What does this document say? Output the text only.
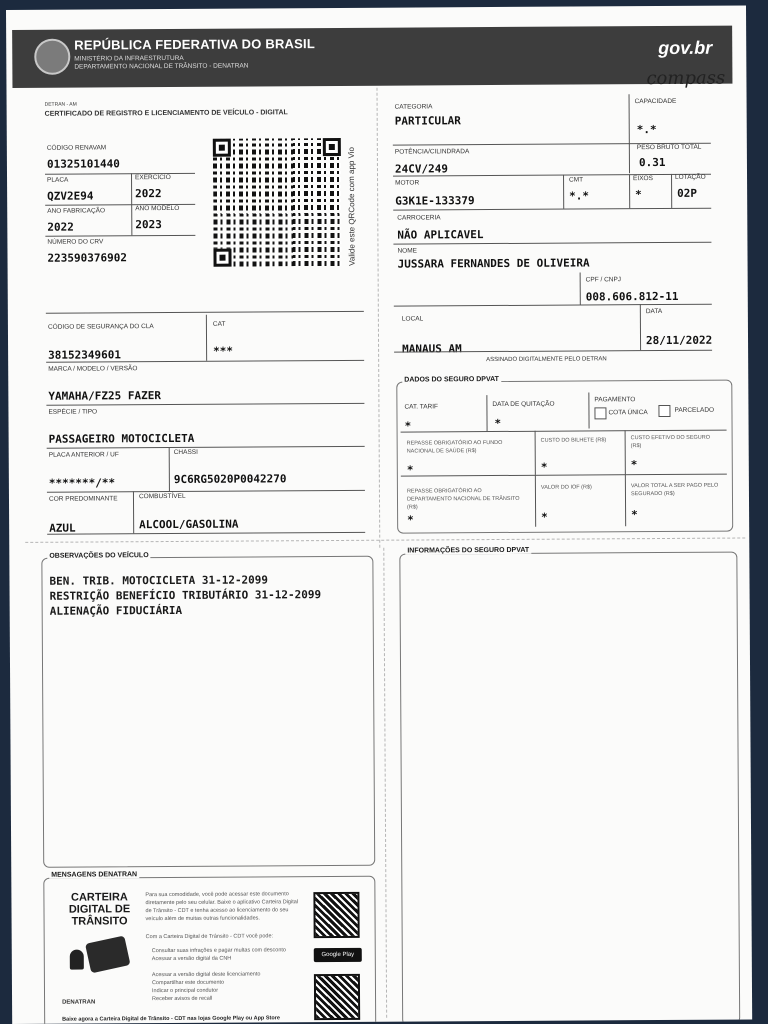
REPÚBLICA FEDERATIVA DO BRASIL
MINISTÉRIO DA INFRAESTRUTURA
DEPARTAMENTO NACIONAL DE TRÂNSITO - DENATRAN
gov.br
compass
DETRAN - AM
CERTIFICADO DE REGISTRO E LICENCIAMENTO DE VEÍCULO - DIGITAL
CÓDIGO RENAVAM
01325101440
PLACA	EXERCÍCIO
QZV2E94	2022
ANO FABRICAÇÃO	ANO MODELO
2022	2023
NÚMERO DO CRV
223590376902	Valide este QRCode com app Vio
CÓDIGO DE SEGURANÇA DO CLA	CAT
38152349601	***
MARCA / MODELO / VERSÃO
YAMAHA/FZ25 FAZER
ESPÉCIE / TIPO
PASSAGEIRO MOTOCICLETA
PLACA ANTERIOR / UF	CHASSI
*******/**	9C6RG5020P0042270
COR PREDOMINANTE	COMBUSTÍVEL
AZUL	ALCOOL/GASOLINA
CATEGORIA
PARTICULAR
CAPACIDADE
*.*
POTÊNCIA/CILINDRADA
24CV/249
PESO BRUTO TOTAL
0.31
MOTOR
G3K1E-133379
CMT
*.*
EIXOS
*
LOTAÇÃO
02P
CARROCERIA
NÃO APLICAVEL
NOME
JUSSARA FERNANDES DE OLIVEIRA
CPF / CNPJ
008.606.812-11
LOCAL
MANAUS AM
DATA
28/11/2022
ASSINADO DIGITALMENTE PELO DETRAN
DADOS DO SEGURO DPVAT
CAT. TARIF
*
DATA DE QUITAÇÃO
*
PAGAMENTO
COTA ÚNICA	PARCELADO
REPASSE OBRIGATÓRIO AO FUNDO NACIONAL DE SAÚDE (R$)
*
CUSTO DO BILHETE (R$)
*
CUSTO EFETIVO DO SEGURO (R$)
*
REPASSE OBRIGATÓRIO AO DEPARTAMENTO NACIONAL DE TRÂNSITO (R$)
*
VALOR DO IOF (R$)
*
VALOR TOTAL A SER PAGO PELO SEGURADO (R$)
*
OBSERVAÇÕES DO VEÍCULO
BEN. TRIB. MOTOCICLETA 31-12-2099
RESTRIÇÃO BENEFÍCIO TRIBUTÁRIO 31-12-2099
ALIENAÇÃO FIDUCIÁRIA
INFORMAÇÕES DO SEGURO DPVAT
MENSAGENS DENATRAN
CARTEIRA
DIGITAL DE
TRÂNSITO
DENATRAN
Para sua comodidade, você pode acessar este documento diretamente pelo seu celular. Baixe o aplicativo Carteira Digital de Trânsito - CDT e tenha acesso ao licenciamento do seu veículo além de muitas outras funcionalidades.
Com a Carteira Digital de Trânsito - CDT você pode:
Consultar suas infrações e pagar multas com desconto
Acessar a versão digital da CNH
Acessar a versão digital deste licenciamento
Compartilhar este documento
Indicar o principal condutor
Receber avisos de recall
Google Play
Baixe agora a Carteira Digital de Trânsito - CDT nas lojas Google Play ou App Store
